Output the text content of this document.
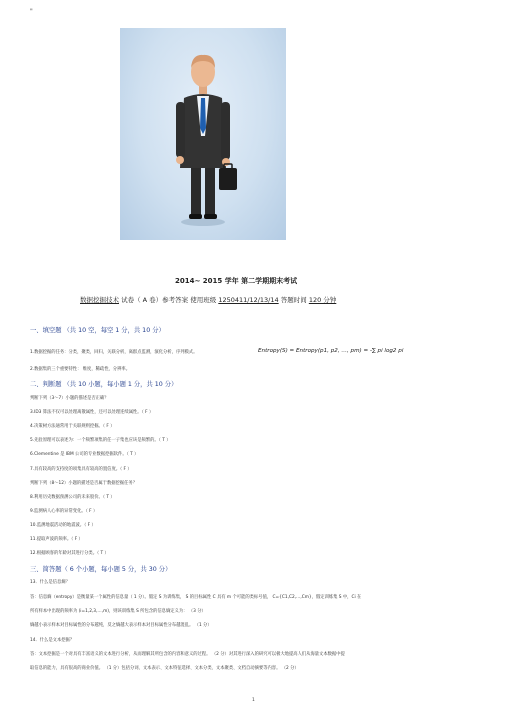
"
2014~ 2015 学年 第二学期期末考试
数据挖掘技术 试卷（ A 卷）参考答案 使用班级 1250411/12/13/14 答题时间 120 分钟
一、填空题 （共 10 空，每空 1 分，共 10 分）
1.数据挖掘的任务：分类，聚类，回归，关联分析，离群点监测，演化分析，序列模式。
2.数据集的三个重要特性： 维度，稀疏性，分辨率。
Entropy(S) = Entropy(p1, p2, …, pm) = -∑ pi log2 pi
二、判断题 （共 10 小题，每小题 1 分，共 10 分）
判断下列（3～7）小题的描述是否正确？
3.ID3 算法不仅可以处理离散属性，还可以处理连续属性。（ F ）
4.决策树方法通常用于关联规则挖掘。（ F ）
5.先验原理可以表述为：一个频繁项集的任一子集也应该是频繁的。（ T ）
6.Clementine 是 IBM 公司的专业数据挖掘软件。（ T ）
7.具有较高的支持度的项集具有较高的置信度。（ F ）
判断下列（8～12）小题的描述是否属于数据挖掘任务？
8.利用历史数据预测公司的未来股价。（ T ）
9.监测病人心率的异常变化。（ F ）
10.监测地震活动的地震波。（ F ）
11.提取声波的频率。（ F ）
12.根据顾客的年龄对其进行分类。（ T ）
三、简答题（ 6 个小题，每小题 5 分，共 30 分）
13．什么是信息熵？
答：信息熵（entropy）是衡量某一个属性的信息量（ 1 分）。假定 S 为训练集， S 的目标属性 C 具有 m 个可能的类标号值， C={C1,C2,…,Cm}，假定训练集 S 中，Ci 在
所有样本中出现的频率为 (i=1,2,3,…,m)，则该训练集 S 所包含的信息熵定义为： （3 分）
熵越小表示样本对目标属性的分布越纯，反之熵越大表示样本对目标属性分布越混乱。 （1 分）
14．什么是文本挖掘？
答：文本挖掘是一个对具有丰富语义的文本进行分析，从而理解其所包含的内容和意义的过程。 （2 分）对其进行深入的研究可以极大地提高人们从海量文本数据中提
取信息的能力，具有很高的商业价值。 （1 分）包括分词、文本表示、文本特征选择、文本分类、文本聚类、文档自动摘要等内容。 （2 分）
1
